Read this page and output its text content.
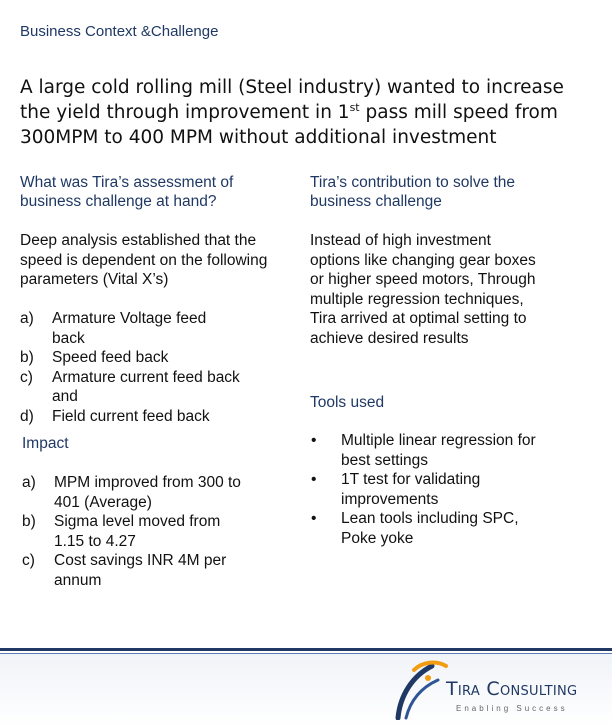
Business Context &Challenge
A large cold rolling mill (Steel industry) wanted to increase the yield through improvement in 1st pass mill speed from 300MPM to 400 MPM without additional investment
What was Tira’s assessment of business challenge at hand?
Deep analysis established that the speed is dependent on the following parameters (Vital X’s)
a) Armature Voltage feed back
b) Speed feed back
c) Armature current feed back and
d) Field current feed back
Impact
a) MPM improved from 300 to 401 (Average)
b) Sigma level moved from 1.15 to 4.27
c) Cost savings INR 4M per annum
Tira’s contribution to solve the business challenge
Instead of high investment options like changing gear boxes or higher speed motors, Through multiple regression techniques, Tira arrived at optimal setting to achieve desired results
Tools used
• Multiple linear regression for best settings
• 1T test for validating improvements
• Lean tools including SPC, Poke yoke
Tira Consulting
Enabling Success
